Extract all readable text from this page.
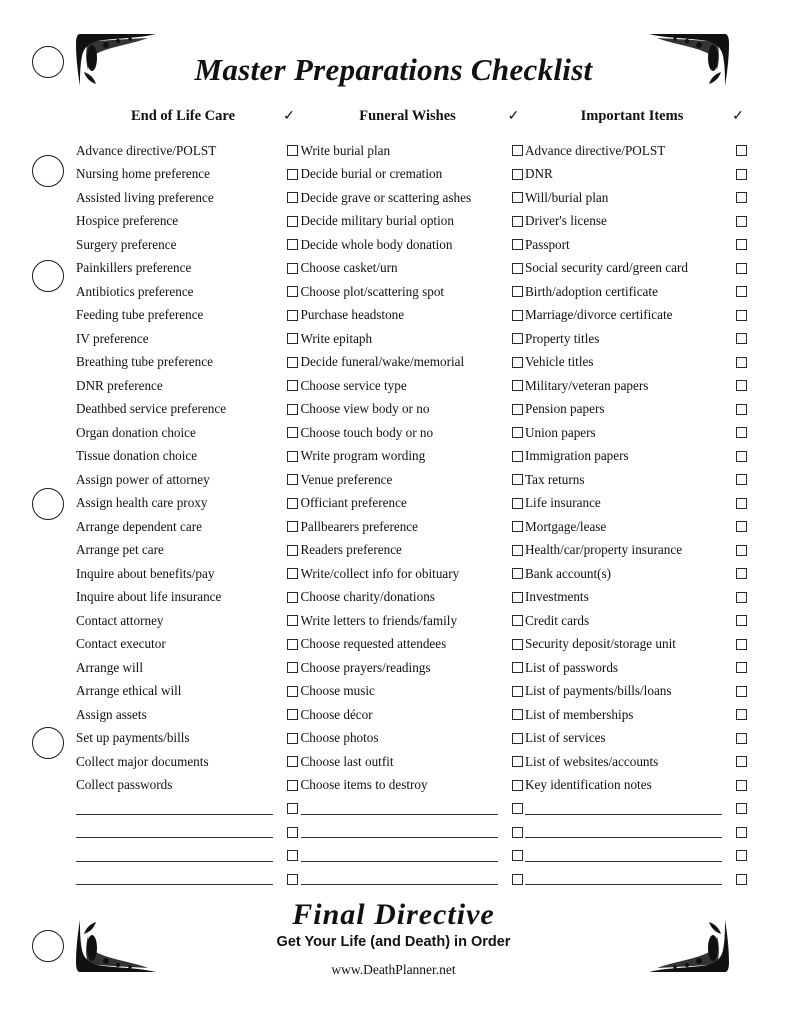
Master Preparations Checklist
End of Life Care	✓
Advance directive/POLST
Nursing home preference
Assisted living preference
Hospice preference
Surgery preference
Painkillers preference
Antibiotics preference
Feeding tube preference
IV preference
Breathing tube preference
DNR preference
Deathbed service preference
Organ donation choice
Tissue donation choice
Assign power of attorney
Assign health care proxy
Arrange dependent care
Arrange pet care
Inquire about benefits/pay
Inquire about life insurance
Contact attorney
Contact executor
Arrange will
Arrange ethical will
Assign assets
Set up payments/bills
Collect major documents
Collect passwords
Funeral Wishes	✓
Write burial plan
Decide burial or cremation
Decide grave or scattering ashes
Decide military burial option
Decide whole body donation
Choose casket/urn
Choose plot/scattering spot
Purchase headstone
Write epitaph
Decide funeral/wake/memorial
Choose service type
Choose view body or no
Choose touch body or no
Write program wording
Venue preference
Officiant preference
Pallbearers preference
Readers preference
Write/collect info for obituary
Choose charity/donations
Write letters to friends/family
Choose requested attendees
Choose prayers/readings
Choose music
Choose décor
Choose photos
Choose last outfit
Choose items to destroy
Important Items	✓
Advance directive/POLST
DNR
Will/burial plan
Driver's license
Passport
Social security card/green card
Birth/adoption certificate
Marriage/divorce certificate
Property titles
Vehicle titles
Military/veteran papers
Pension papers
Union papers
Immigration papers
Tax returns
Life insurance
Mortgage/lease
Health/car/property insurance
Bank account(s)
Investments
Credit cards
Security deposit/storage unit
List of passwords
List of payments/bills/loans
List of memberships
List of services
List of websites/accounts
Key identification notes
Final Directive
Get Your Life (and Death) in Order
www.DeathPlanner.net
